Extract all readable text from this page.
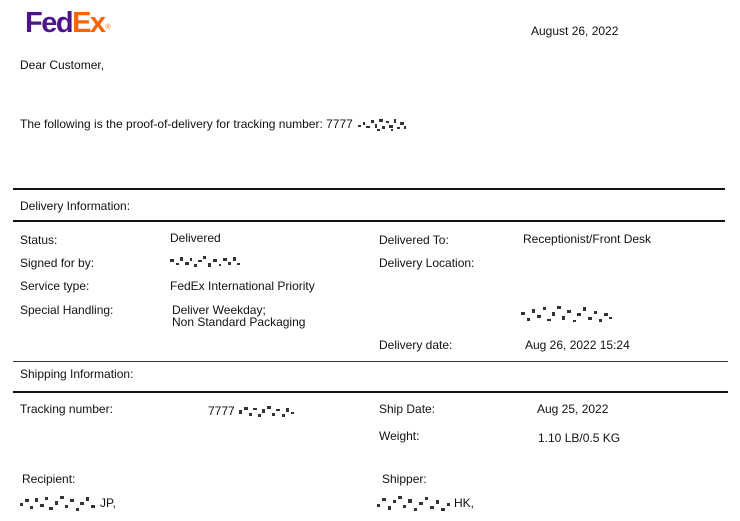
FedEx®	August 26, 2022
Dear Customer,
The following is the proof-of-delivery for tracking number: 7777
Delivery Information:
Status:	Delivered	Delivered To:	Receptionist/Front Desk
Signed for by:	Delivery Location:
Service type:	FedEx International Priority
Special Handling:	Deliver Weekday;
Non Standard Packaging
Delivery date:	Aug 26, 2022 15:24
Shipping Information:
Tracking number:	7777	Ship Date:	Aug 25, 2022
Weight:	1.10 LB/0.5 KG
Recipient:
JP,
Shipper:
HK,
